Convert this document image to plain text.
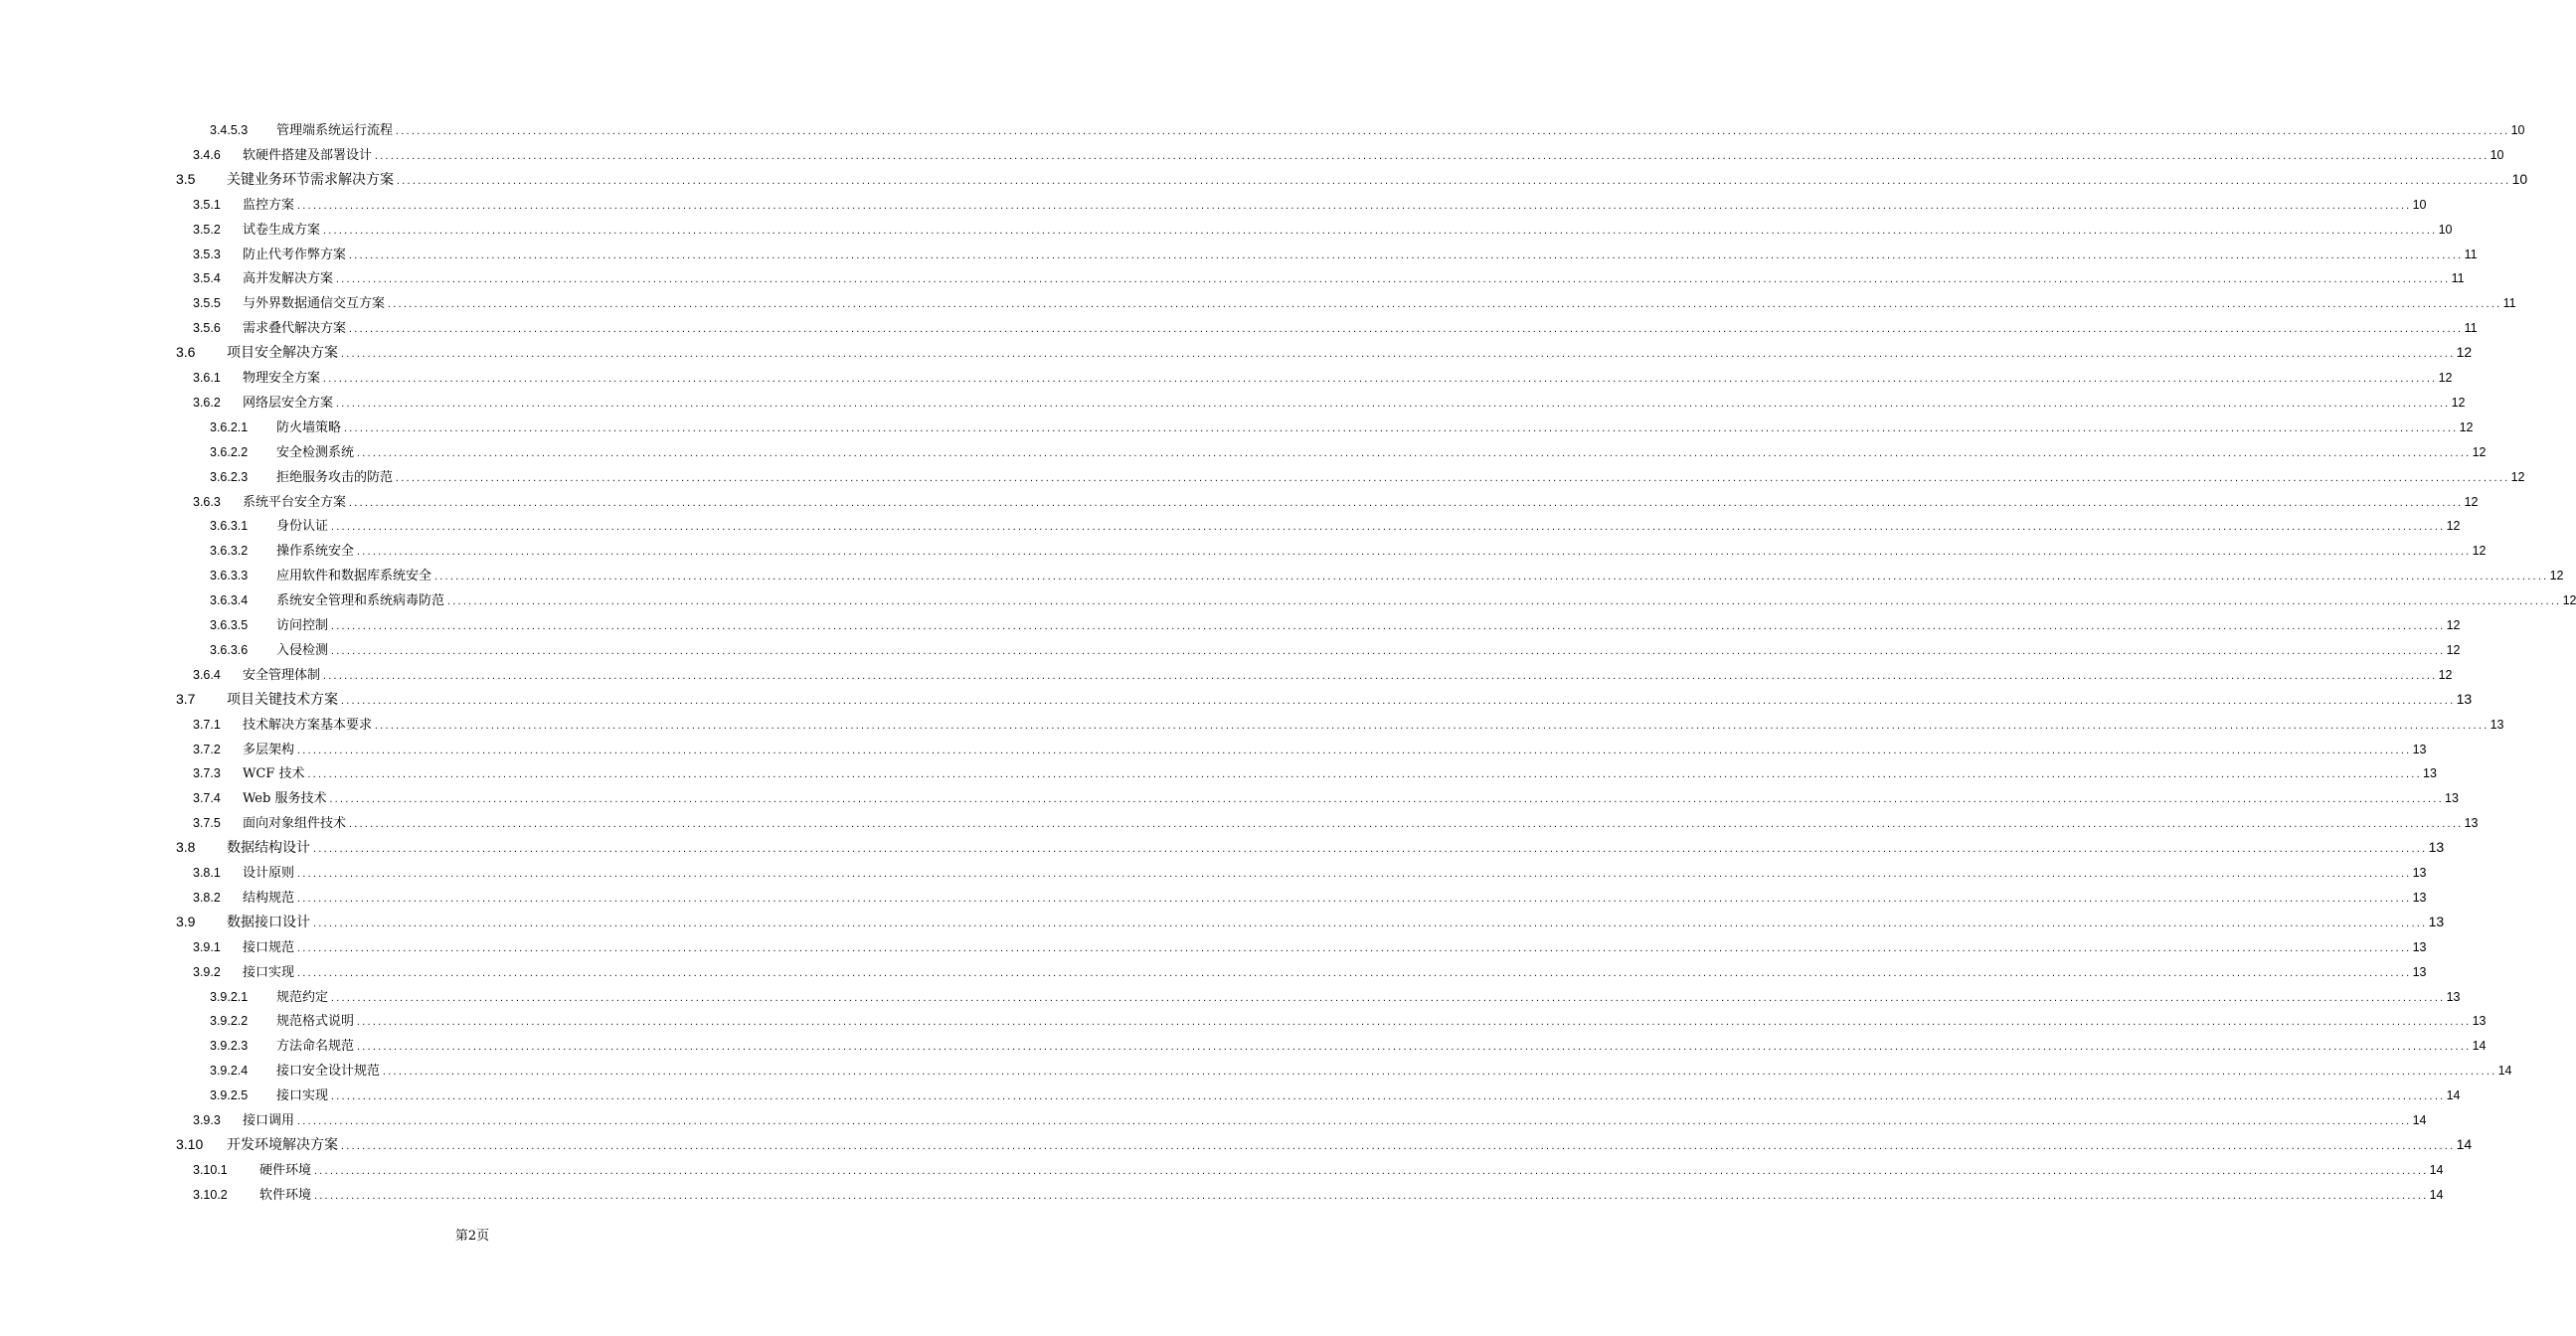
3.4.5.3	管理端系统运行流程 ................................................................................................................................................................................................................................................................................................................................................................................................................ 10
3.4.6	软硬件搭建及部署设计 ................................................................................................................................................................................................................................................................................................................................................................................................................ 10
3.5	关键业务环节需求解决方案 ................................................................................................................................................................................................................................................................................................................................................................................................................ 10
3.5.1	监控方案 ................................................................................................................................................................................................................................................................................................................................................................................................................ 10
3.5.2	试卷生成方案 ................................................................................................................................................................................................................................................................................................................................................................................................................ 10
3.5.3	防止代考作弊方案 ................................................................................................................................................................................................................................................................................................................................................................................................................ 11
3.5.4	高并发解决方案 ................................................................................................................................................................................................................................................................................................................................................................................................................ 11
3.5.5	与外界数据通信交互方案 ................................................................................................................................................................................................................................................................................................................................................................................................................ 11
3.5.6	需求叠代解决方案 ................................................................................................................................................................................................................................................................................................................................................................................................................ 11
3.6	项目安全解决方案 ................................................................................................................................................................................................................................................................................................................................................................................................................ 12
3.6.1	物理安全方案 ................................................................................................................................................................................................................................................................................................................................................................................................................ 12
3.6.2	网络层安全方案 ................................................................................................................................................................................................................................................................................................................................................................................................................ 12
3.6.2.1	防火墙策略 ................................................................................................................................................................................................................................................................................................................................................................................................................ 12
3.6.2.2	安全检测系统 ................................................................................................................................................................................................................................................................................................................................................................................................................ 12
3.6.2.3	拒绝服务攻击的防范 ................................................................................................................................................................................................................................................................................................................................................................................................................ 12
3.6.3	系统平台安全方案 ................................................................................................................................................................................................................................................................................................................................................................................................................ 12
3.6.3.1	身份认证 ................................................................................................................................................................................................................................................................................................................................................................................................................ 12
3.6.3.2	操作系统安全 ................................................................................................................................................................................................................................................................................................................................................................................................................ 12
3.6.3.3	应用软件和数据库系统安全 ................................................................................................................................................................................................................................................................................................................................................................................................................ 12
3.6.3.4	系统安全管理和系统病毒防范 ................................................................................................................................................................................................................................................................................................................................................................................................................ 12
3.6.3.5	访问控制 ................................................................................................................................................................................................................................................................................................................................................................................................................ 12
3.6.3.6	入侵检测 ................................................................................................................................................................................................................................................................................................................................................................................................................ 12
3.6.4	安全管理体制 ................................................................................................................................................................................................................................................................................................................................................................................................................ 12
3.7	项目关键技术方案 ................................................................................................................................................................................................................................................................................................................................................................................................................ 13
3.7.1	技术解决方案基本要求 ................................................................................................................................................................................................................................................................................................................................................................................................................ 13
3.7.2	多层架构 ................................................................................................................................................................................................................................................................................................................................................................................................................ 13
3.7.3	WCF 技术 ................................................................................................................................................................................................................................................................................................................................................................................................................ 13
3.7.4	Web 服务技术 ................................................................................................................................................................................................................................................................................................................................................................................................................ 13
3.7.5	面向对象组件技术 ................................................................................................................................................................................................................................................................................................................................................................................................................ 13
3.8	数据结构设计 ................................................................................................................................................................................................................................................................................................................................................................................................................ 13
3.8.1	设计原则 ................................................................................................................................................................................................................................................................................................................................................................................................................ 13
3.8.2	结构规范 ................................................................................................................................................................................................................................................................................................................................................................................................................ 13
3.9	数据接口设计 ................................................................................................................................................................................................................................................................................................................................................................................................................ 13
3.9.1	接口规范 ................................................................................................................................................................................................................................................................................................................................................................................................................ 13
3.9.2	接口实现 ................................................................................................................................................................................................................................................................................................................................................................................................................ 13
3.9.2.1	规范约定 ................................................................................................................................................................................................................................................................................................................................................................................................................ 13
3.9.2.2	规范格式说明 ................................................................................................................................................................................................................................................................................................................................................................................................................ 13
3.9.2.3	方法命名规范 ................................................................................................................................................................................................................................................................................................................................................................................................................ 14
3.9.2.4	接口安全设计规范 ................................................................................................................................................................................................................................................................................................................................................................................................................ 14
3.9.2.5	接口实现 ................................................................................................................................................................................................................................................................................................................................................................................................................ 14
3.9.3	接口调用 ................................................................................................................................................................................................................................................................................................................................................................................................................ 14
3.10	开发环境解决方案 ................................................................................................................................................................................................................................................................................................................................................................................................................ 14
3.10.1	硬件环境 ................................................................................................................................................................................................................................................................................................................................................................................................................ 14
3.10.2	软件环境 ................................................................................................................................................................................................................................................................................................................................................................................................................ 14
第2页
